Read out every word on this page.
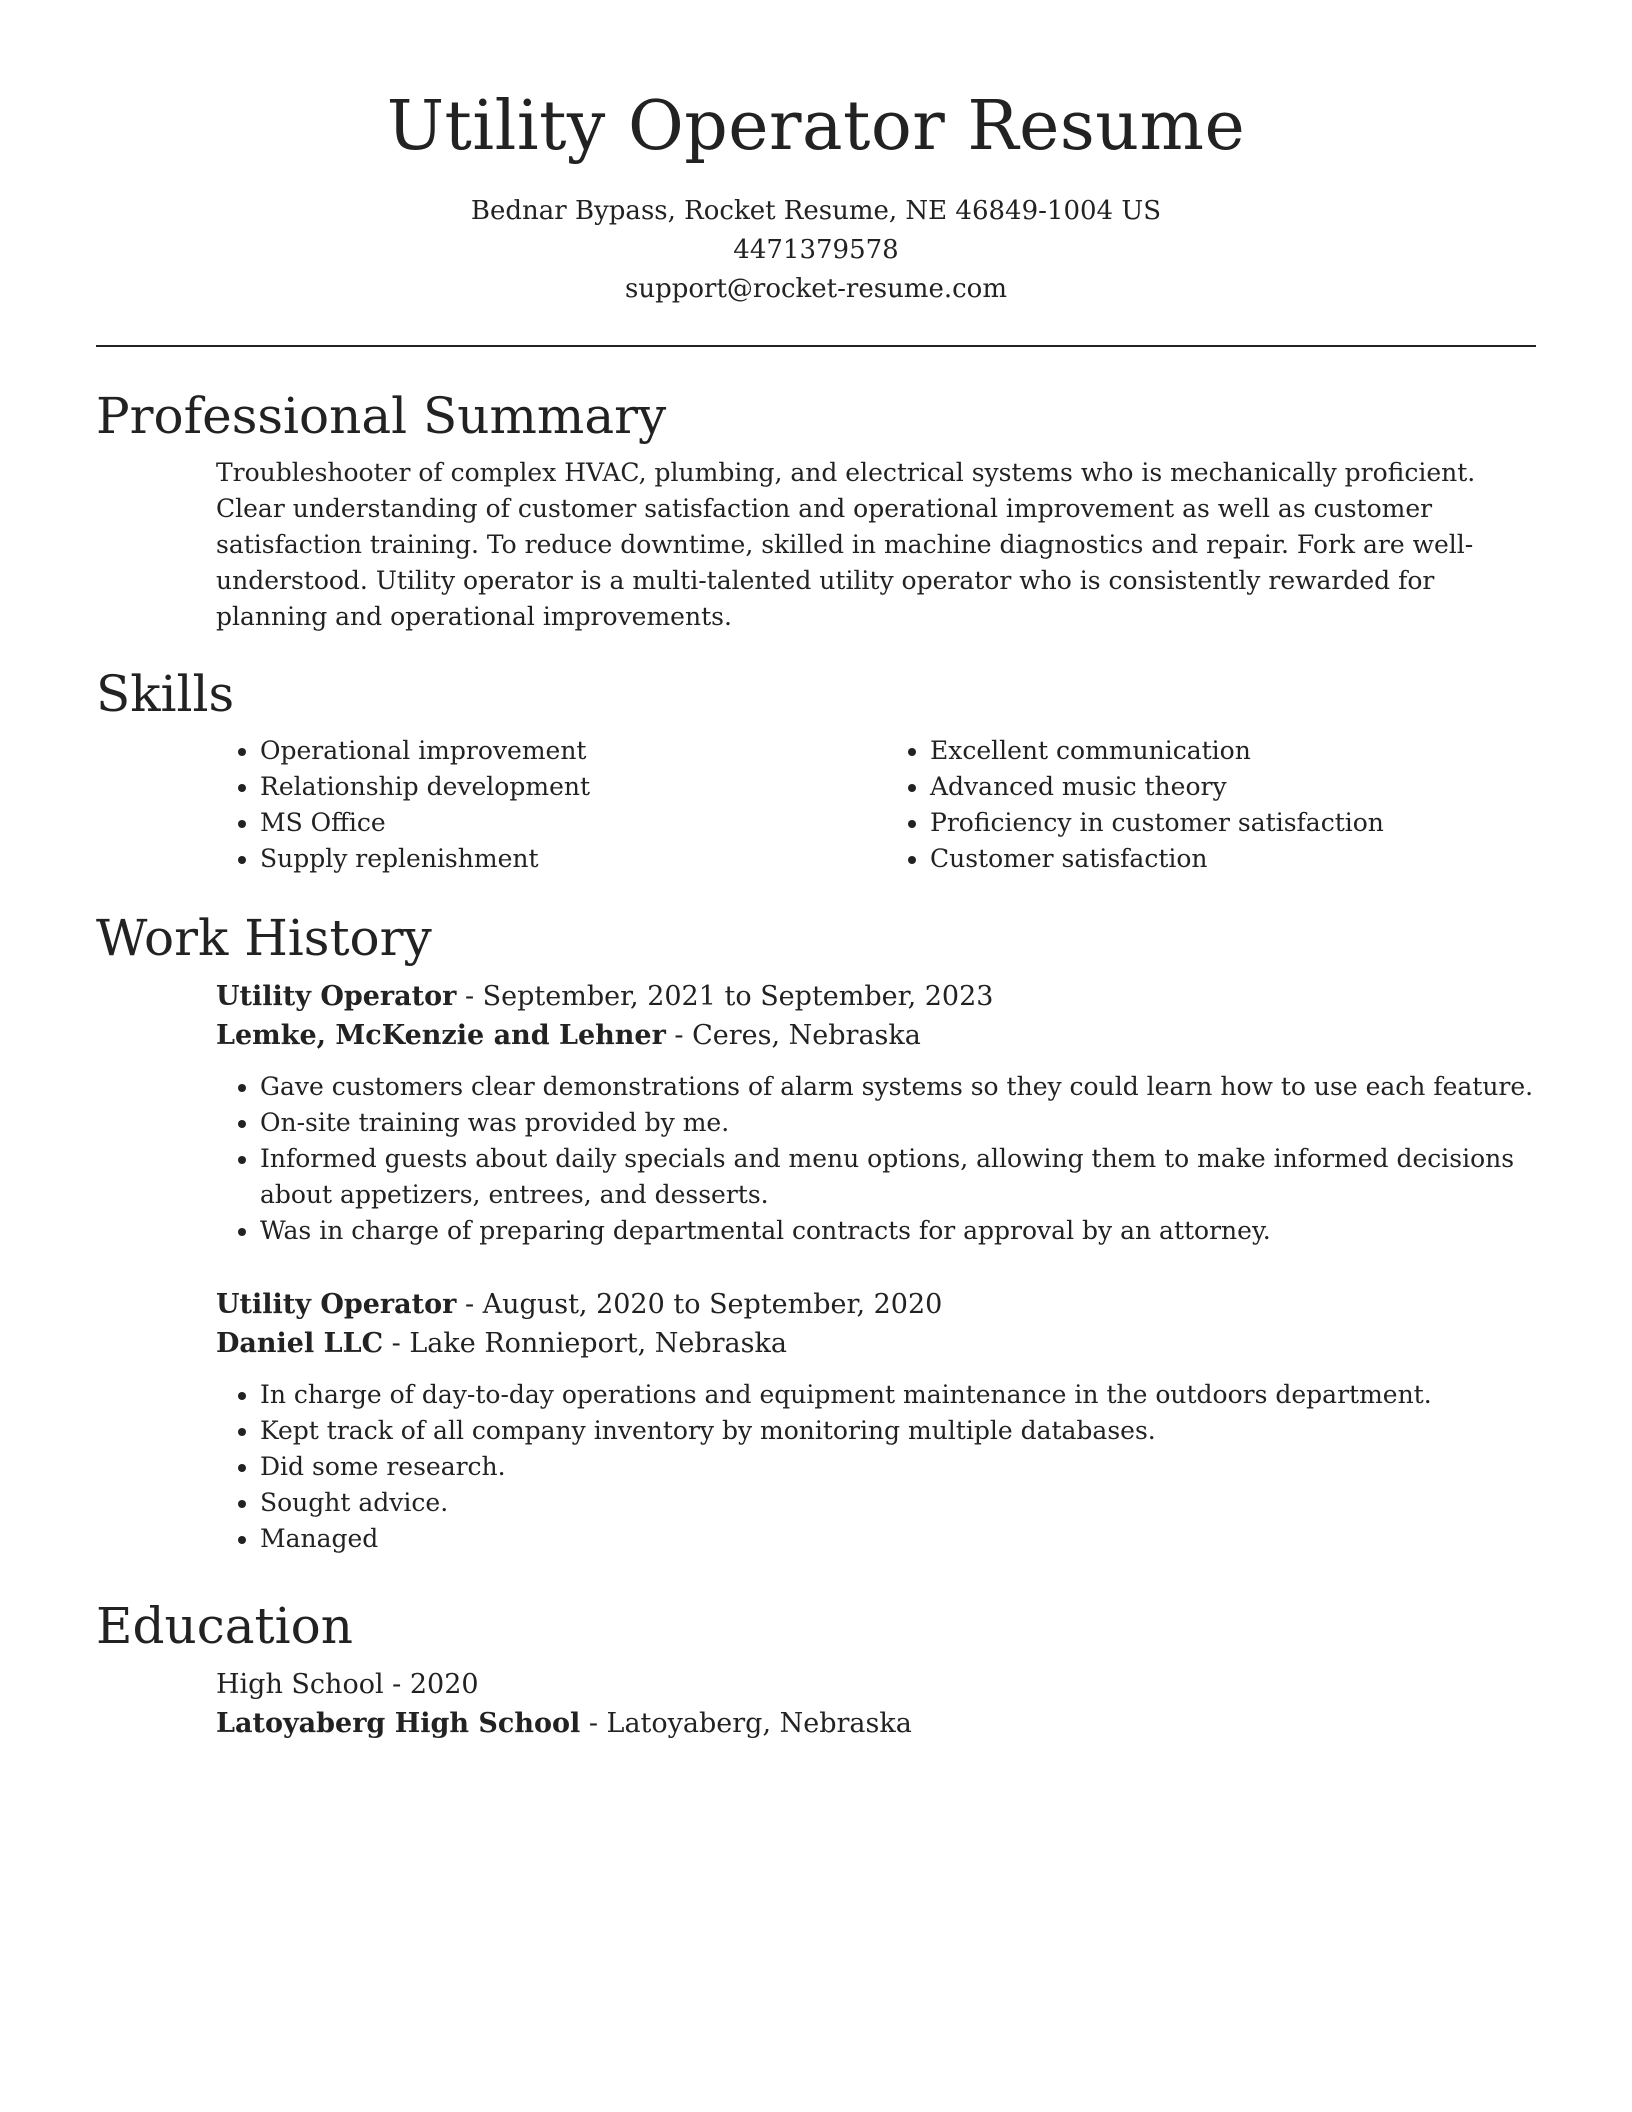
Utility Operator Resume

Bednar Bypass, Rocket Resume, NE 46849-1004 US

4471379578

support@rocket-resume.com

Professional Summary

Troubleshooter of complex HVAC, plumbing, and electrical systems who is mechanically proficient. Clear understanding of customer satisfaction and operational improvement as well as customer satisfaction training. To reduce downtime, skilled in machine diagnostics and repair. Fork are well-understood. Utility operator is a multi-talented utility operator who is consistently rewarded for planning and operational improvements.

Skills
• Operational improvement
• Relationship development
• MS Office
• Supply replenishment
• Excellent communication
• Advanced music theory
• Proficiency in customer satisfaction
• Customer satisfaction
Work History

Utility Operator - September, 2021 to September, 2023

Lemke, McKenzie and Lehner - Ceres, Nebraska

• Gave customers clear demonstrations of alarm systems so they could learn how to use each feature.
• On-site training was provided by me.
• Informed guests about daily specials and menu options, allowing them to make informed decisions about appetizers, entrees, and desserts.
• Was in charge of preparing departmental contracts for approval by an attorney.

Utility Operator - August, 2020 to September, 2020

Daniel LLC - Lake Ronnieport, Nebraska

• In charge of day-to-day operations and equipment maintenance in the outdoors department.
• Kept track of all company inventory by monitoring multiple databases.
• Did some research.
• Sought advice.
• Managed
Education

High School - 2020

Latoyaberg High School - Latoyaberg, Nebraska
